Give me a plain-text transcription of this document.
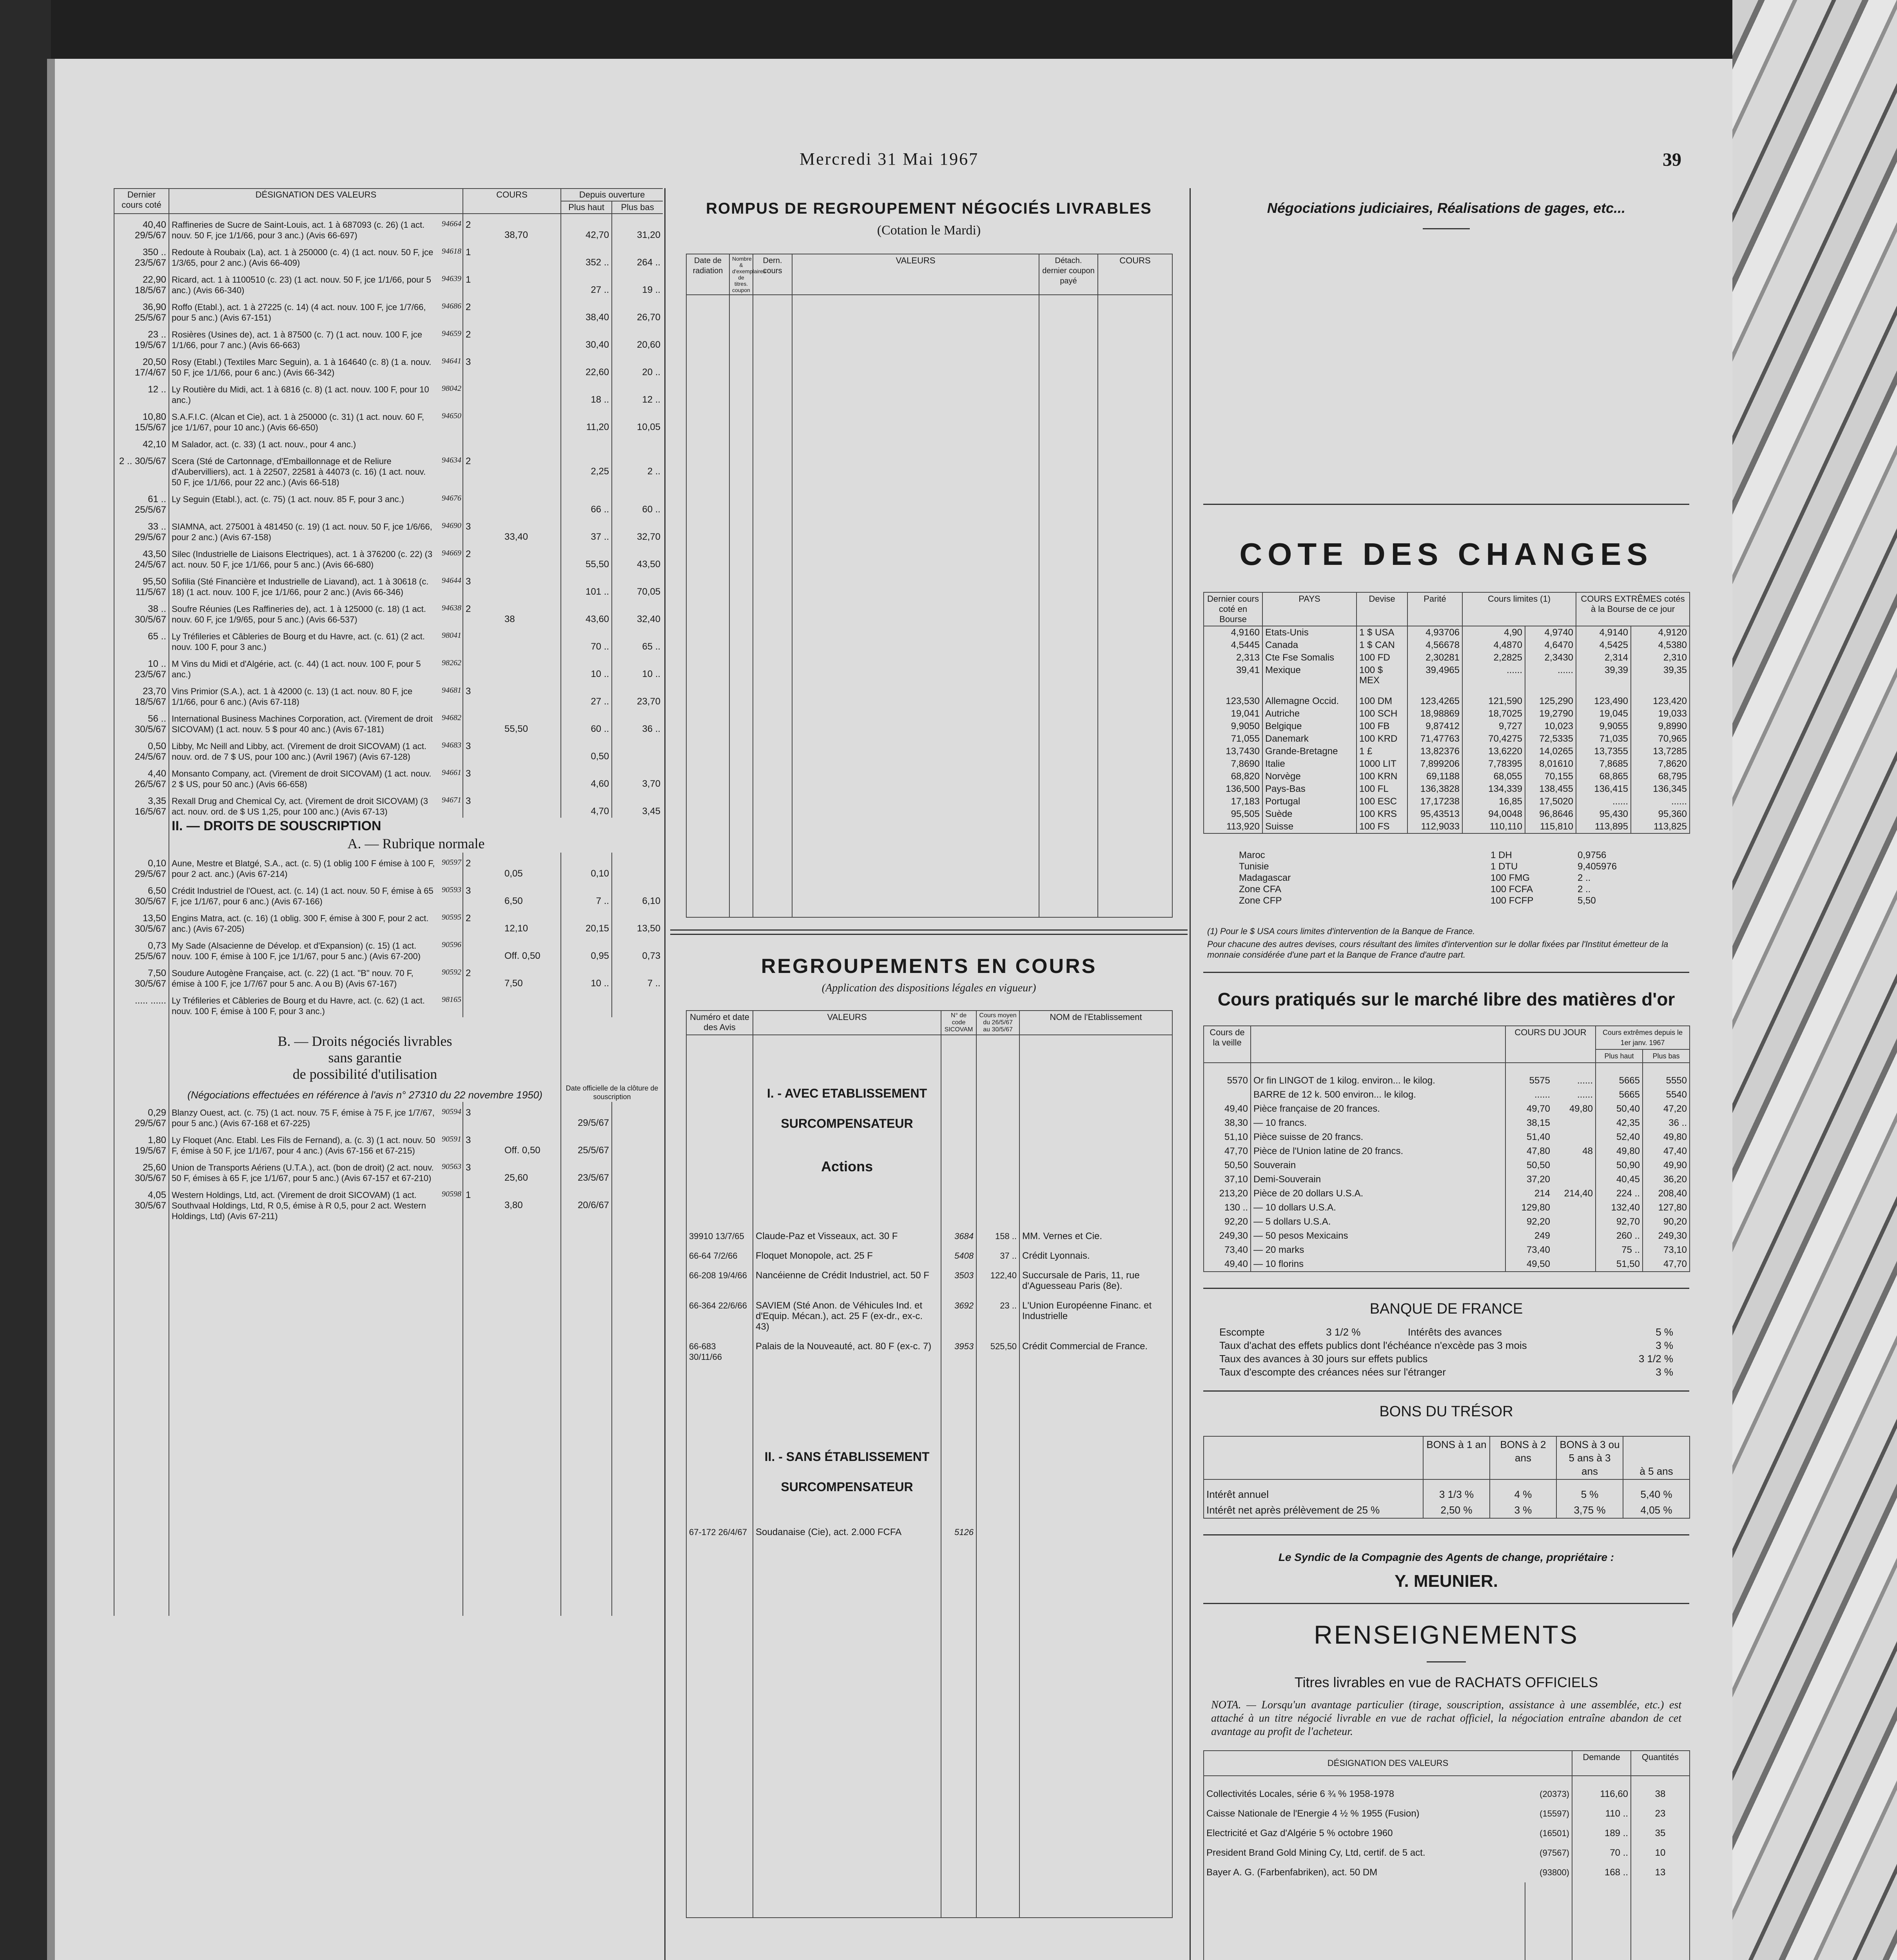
Mercredi 31 Mai 1967	39
Dernier cours coté	DÉSIGNATION DES VALEURS		COURS		Depuis ouverture	
					Plus haut	Plus bas
40,40 29/5/67	Raffineries de Sucre de Saint-Louis, act. 1 à 687093 (c. 26) (1 act. nouv. 50 F, jce 1/1/66, pour 3 anc.) (Avis 66-697)	94664	2	38,70	42,70	31,20
350 .. 23/5/67	Redoute à Roubaix (La), act. 1 à 250000 (c. 4) (1 act. nouv. 50 F, jce 1/3/65, pour 2 anc.) (Avis 66-409)	94618	1		352 ..	264 ..
22,90 18/5/67	Ricard, act. 1 à 1100510 (c. 23) (1 act. nouv. 50 F, jce 1/1/66, pour 5 anc.) (Avis 66-340)	94639	1		27 ..	19 ..
36,90 25/5/67	Roffo (Etabl.), act. 1 à 27225 (c. 14) (4 act. nouv. 100 F, jce 1/7/66, pour 5 anc.) (Avis 67-151)	94686	2		38,40	26,70
23 .. 19/5/67	Rosières (Usines de), act. 1 à 87500 (c. 7) (1 act. nouv. 100 F, jce 1/1/66, pour 7 anc.) (Avis 66-663)	94659	2		30,40	20,60
20,50 17/4/67	Rosy (Etabl.) (Textiles Marc Seguin), a. 1 à 164640 (c. 8) (1 a. nouv. 50 F, jce 1/1/66, pour 6 anc.) (Avis 66-342)	94641	3		22,60	20 ..
12 ..	Ly Routière du Midi, act. 1 à 6816 (c. 8) (1 act. nouv. 100 F, pour 10 anc.)	98042			18 ..	12 ..
10,80 15/5/67	S.A.F.I.C. (Alcan et Cie), act. 1 à 250000 (c. 31) (1 act. nouv. 60 F, jce 1/1/67, pour 10 anc.) (Avis 66-650)	94650			11,20	10,05
42,10	M Salador, act. (c. 33) (1 act. nouv., pour 4 anc.)					
2 .. 30/5/67	Scera (Sté de Cartonnage, d'Embaillonnage et de Reliure d'Aubervilliers), act. 1 à 22507, 22581 à 44073 (c. 16) (1 act. nouv. 50 F, jce 1/1/66, pour 22 anc.) (Avis 66-518)	94634	2		2,25	2 ..
61 .. 25/5/67	Ly Seguin (Etabl.), act. (c. 75) (1 act. nouv. 85 F, pour 3 anc.)	94676			66 ..	60 ..
33 .. 29/5/67	SIAMNA, act. 275001 à 481450 (c. 19) (1 act. nouv. 50 F, jce 1/6/66, pour 2 anc.) (Avis 67-158)	94690	3	33,40	37 ..	32,70
43,50 24/5/67	Silec (Industrielle de Liaisons Electriques), act. 1 à 376200 (c. 22) (3 act. nouv. 50 F, jce 1/1/66, pour 5 anc.) (Avis 66-680)	94669	2		55,50	43,50
95,50 11/5/67	Sofilia (Sté Financière et Industrielle de Liavand), act. 1 à 30618 (c. 18) (1 act. nouv. 100 F, jce 1/1/66, pour 2 anc.) (Avis 66-346)	94644	3		101 ..	70,05
38 .. 30/5/67	Soufre Réunies (Les Raffineries de), act. 1 à 125000 (c. 18) (1 act. nouv. 60 F, jce 1/9/65, pour 5 anc.) (Avis 66-537)	94638	2	38	43,60	32,40
65 ..	Ly Tréfileries et Câbleries de Bourg et du Havre, act. (c. 61) (2 act. nouv. 100 F, pour 3 anc.)	98041			70 ..	65 ..
10 .. 23/5/67	M Vins du Midi et d'Algérie, act. (c. 44) (1 act. nouv. 100 F, pour 5 anc.)	98262			10 ..	10 ..
23,70 18/5/67	Vins Primior (S.A.), act. 1 à 42000 (c. 13) (1 act. nouv. 80 F, jce 1/1/66, pour 6 anc.) (Avis 67-118)	94681	3		27 ..	23,70
56 .. 30/5/67	International Business Machines Corporation, act. (Virement de droit SICOVAM) (1 act. nouv. 5 $ pour 40 anc.) (Avis 67-181)	94682		55,50	60 ..	36 ..
0,50 24/5/67	Libby, Mc Neill and Libby, act. (Virement de droit SICOVAM) (1 act. nouv. ord. de 7 $ US, pour 100 anc.) (Avril 1967) (Avis 67-128)	94683	3		0,50	
4,40 26/5/67	Monsanto Company, act. (Virement de droit SICOVAM) (1 act. nouv. 2 $ US, pour 50 anc.) (Avis 66-658)	94661	3		4,60	3,70
3,35 16/5/67	Rexall Drug and Chemical Cy, act. (Virement de droit SICOVAM) (3 act. nouv. ord. de $ US 1,25, pour 100 anc.) (Avis 67-13)	94671	3		4,70	3,45
	II. — DROITS DE SOUSCRIPTION					
	A. — Rubrique normale					
0,10 29/5/67	Aune, Mestre et Blatgé, S.A., act. (c. 5) (1 oblig 100 F émise à 100 F, pour 2 act. anc.) (Avis 67-214)	90597	2	0,05	0,10	
6,50 30/5/67	Crédit Industriel de l'Ouest, act. (c. 14) (1 act. nouv. 50 F, émise à 65 F, jce 1/1/67, pour 6 anc.) (Avis 67-166)	90593	3	6,50	7 ..	6,10
13,50 30/5/67	Engins Matra, act. (c. 16) (1 oblig. 300 F, émise à 300 F, pour 2 act. anc.) (Avis 67-205)	90595	2	12,10	20,15	13,50
0,73 25/5/67	My Sade (Alsacienne de Dévelop. et d'Expansion) (c. 15) (1 act. nouv. 100 F, émise à 100 F, jce 1/1/67, pour 5 anc.) (Avis 67-200)	90596		Off. 0,50	0,95	0,73
7,50 30/5/67	Soudure Autogène Française, act. (c. 22) (1 act. "B" nouv. 70 F, émise à 100 F, jce 1/7/67 pour 5 anc. A ou B) (Avis 67-167)	90592	2	7,50	10 ..	7 ..
..... ......	Ly Tréfileries et Câbleries de Bourg et du Havre, act. (c. 62) (1 act. nouv. 100 F, émise à 100 F, pour 3 anc.)	98165				

	B. — Droits négociés livrables
sans garantie
de possibilité d'utilisation
(Négociations effectuées en référence à l'avis n° 27310 du 22 novembre 1950)				Date officielle de la clôture de souscription	
0,29 29/5/67	Blanzy Ouest, act. (c. 75) (1 act. nouv. 75 F, émise à 75 F, jce 1/7/67, pour 5 anc.) (Avis 67-168 et 67-225)	90594	3		29/5/67	
1,80 19/5/67	Ly Floquet (Anc. Etabl. Les Fils de Fernand), a. (c. 3) (1 act. nouv. 50 F, émise à 50 F, jce 1/1/67, pour 4 anc.) (Avis 67-156 et 67-215)	90591	3	Off. 0,50	25/5/67	
25,60 30/5/67	Union de Transports Aériens (U.T.A.), act. (bon de droit) (2 act. nouv. 50 F, émises à 65 F, jce 1/1/67, pour 5 anc.) (Avis 67-157 et 67-210)	90563	3	25,60	23/5/67	
4,05 30/5/67	Western Holdings, Ltd, act. (Virement de droit SICOVAM) (1 act. Southvaal Holdings, Ltd, R 0,5, émise à R 0,5, pour 2 act. Western Holdings, Ltd) (Avis 67-211)	90598	1	3,80	20/6/67	

ROMPUS DE REGROUPEMENT NÉGOCIÉS LIVRABLES
(Cotation le Mardi)
Date de radiation	Nombre & d'exemplaires de titres. coupon	Dern. cours	VALEURS	Détach. dernier coupon payé	COURS

REGROUPEMENTS EN COURS
(Application des dispositions légales en vigueur)
Numéro et date des Avis	VALEURS	N° de code SICOVAM	Cours moyen du 26/5/67 au 30/5/67	NOM de l'Etablissement

	I. - AVEC ETABLISSEMENT
SURCOMPENSATEUR
Actions			

39910 13/7/65	Claude-Paz et Visseaux, act. 30 F	3684	158 ..	MM. Vernes et Cie.
66-64 7/2/66	Floquet Monopole, act. 25 F	5408	37 ..	Crédit Lyonnais.
66-208 19/4/66	Nancéienne de Crédit Industriel, act. 50 F	3503	122,40	Succursale de Paris, 11, rue d'Aguesseau Paris (8e).
66-364 22/6/66	SAVIEM (Sté Anon. de Véhicules Ind. et d'Equip. Mécan.), act. 25 F (ex-dr., ex-c. 43)	3692	23 ..	L'Union Européenne Financ. et Industrielle
66-683 30/11/66	Palais de la Nouveauté, act. 80 F (ex-c. 7)	3953	525,50	Crédit Commercial de France.

	II. - SANS ÉTABLISSEMENT
SURCOMPENSATEUR			

67-172 26/4/67	Soudanaise (Cie), act. 2.000 FCFA	5126		

Négociations judiciaires, Réalisations de gages, etc...
COTE DES CHANGES
Dernier cours coté en Bourse	PAYS	Devise	Parité	Cours limites (1)		COURS EXTRÊMES cotés à la Bourse de ce jour	
4,9160	Etats-Unis	1 $ USA	4,93706	4,90	4,9740	4,9140	4,9120
4,5445	Canada	1 $ CAN	4,56678	4,4870	4,6470	4,5425	4,5380
2,313	Cte Fse Somalis	100 FD	2,30281	2,2825	2,3430	2,314	2,310
39,41	Mexique	100 $ MEX	39,4965	......	......	39,39	39,35
123,530	Allemagne Occid.	100 DM	123,4265	121,590	125,290	123,490	123,420
19,041	Autriche	100 SCH	18,98869	18,7025	19,2790	19,045	19,033
9,9050	Belgique	100 FB	9,87412	9,727	10,023	9,9055	9,8990
71,055	Danemark	100 KRD	71,47763	70,4275	72,5335	71,035	70,965
13,7430	Grande-Bretagne	1 £	13,82376	13,6220	14,0265	13,7355	13,7285
7,8690	Italie	1000 LIT	7,899206	7,78395	8,01610	7,8685	7,8620
68,820	Norvège	100 KRN	69,1188	68,055	70,155	68,865	68,795
136,500	Pays-Bas	100 FL	136,3828	134,339	138,455	136,415	136,345
17,183	Portugal	100 ESC	17,17238	16,85	17,5020	......	......
95,505	Suède	100 KRS	95,43513	94,0048	96,8646	95,430	95,360
113,920	Suisse	100 FS	112,9033	110,110	115,810	113,895	113,825
Maroc	1 DH	0,9756
Tunisie	1 DTU	9,405976
Madagascar	100 FMG	2 ..
Zone CFA	100 FCFA	2 ..
Zone CFP	100 FCFP	5,50
(1) Pour le $ USA cours limites d'intervention de la Banque de France.
Pour chacune des autres devises, cours résultant des limites d'intervention sur le dollar fixées par l'Institut émetteur de la monnaie considérée d'une part et la Banque de France d'autre part.
Cours pratiqués sur le marché libre des matières d'or
Cours de la veille		COURS DU JOUR		Cours extrêmes depuis le 1er janv. 1967	
				Plus haut	Plus bas
5570	Or fin LINGOT de 1 kilog. environ... le kilog.	5575	......	5665	5550
	BARRE de 12 k. 500 environ... le kilog.	......	......	5665	5540
49,40	Pièce française de 20 frances.	49,70	49,80	50,40	47,20
38,30	— 10 francs.	38,15		42,35	36 ..
51,10	Pièce suisse de 20 francs.	51,40		52,40	49,80
47,70	Pièce de l'Union latine de 20 francs.	47,80	48	49,80	47,40
50,50	Souverain	50,50		50,90	49,90
37,10	Demi-Souverain	37,20		40,45	36,20
213,20	Pièce de 20 dollars U.S.A.	214	214,40	224 ..	208,40
130 ..	— 10 dollars U.S.A.	129,80		132,40	127,80
92,20	— 5 dollars U.S.A.	92,20		92,70	90,20
249,30	— 50 pesos Mexicains	249		260 ..	249,30
73,40	— 20 marks	73,40		75 ..	73,10
49,40	— 10 florins	49,50		51,50	47,70
BANQUE DE FRANCE
Escompte	3 1/2 %	Intérêts des avances	5 %
Taux d'achat des effets publics dont l'échéance n'excède pas 3 mois			3 %
Taux des avances à 30 jours sur effets publics			3 1/2 %
Taux d'escompte des créances nées sur l'étranger			3 %
BONS DU TRÉSOR
	BONS à 1 an	BONS à 2 ans	BONS à 3 ou 5 ans à 3 ans	à 5 ans
Intérêt annuel	3 1/3 %	4 %	5 %	5,40 %
Intérêt net après prélèvement de 25 %	2,50 %	3 %	3,75 %	4,05 %
Le Syndic de la Compagnie des Agents de change, propriétaire :
Y. MEUNIER.
RENSEIGNEMENTS
Titres livrables en vue de RACHATS OFFICIELS
NOTA. — Lorsqu'un avantage particulier (tirage, souscription, assistance à une assemblée, etc.) est attaché à un titre négocié livrable en vue de rachat officiel, la négociation entraîne abandon de cet avantage au profit de l'acheteur.
DÉSIGNATION DES VALEURS		Demande	Quantités
Collectivités Locales, série 6 ¾ % 1958-1978	(20373)	116,60	38
Caisse Nationale de l'Energie 4 ½ % 1955 (Fusion)	(15597)	110 ..	23
Electricité et Gaz d'Algérie 5 % octobre 1960	(16501)	189 ..	35
President Brand Gold Mining Cy, Ltd, certif. de 5 act.	(97567)	70 ..	10
Bayer A. G. (Farbenfabriken), act. 50 DM	(93800)	168 ..	13
